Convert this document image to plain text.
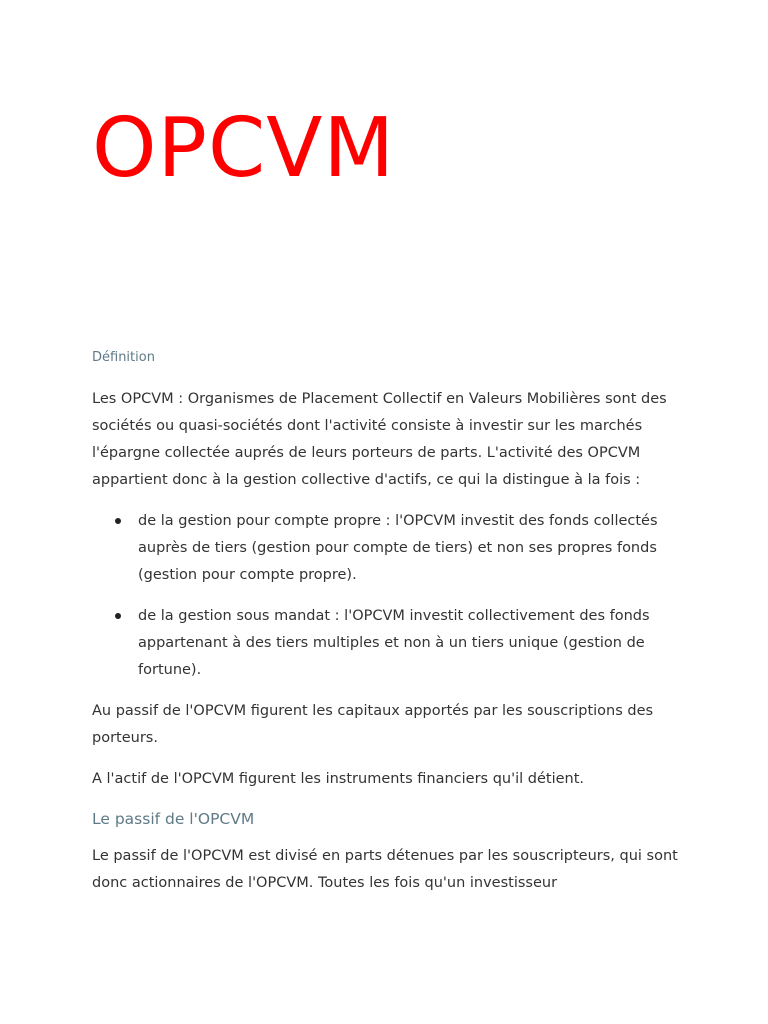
OPCVM
Définition

Les OPCVM : Organismes de Placement Collectif en Valeurs Mobilières sont des sociétés ou quasi-sociétés dont l'activité consiste à investir sur les marchés l'épargne collectée auprés de leurs porteurs de parts. L'activité des OPCVM appartient donc à la gestion collective d'actifs, ce qui la distingue à la fois :

de la gestion pour compte propre : l'OPCVM investit des fonds collectés auprès de tiers (gestion pour compte de tiers) et non ses propres fonds (gestion pour compte propre).
de la gestion sous mandat : l'OPCVM investit collectivement des fonds appartenant à des tiers multiples et non à un tiers unique (gestion de fortune).

Au passif de l'OPCVM figurent les capitaux apportés par les souscriptions des porteurs.

A l'actif de l'OPCVM figurent les instruments financiers qu'il détient.

Le passif de l'OPCVM

Le passif de l'OPCVM est divisé en parts détenues par les souscripteurs, qui sont donc actionnaires de l'OPCVM. Toutes les fois qu'un investisseur
